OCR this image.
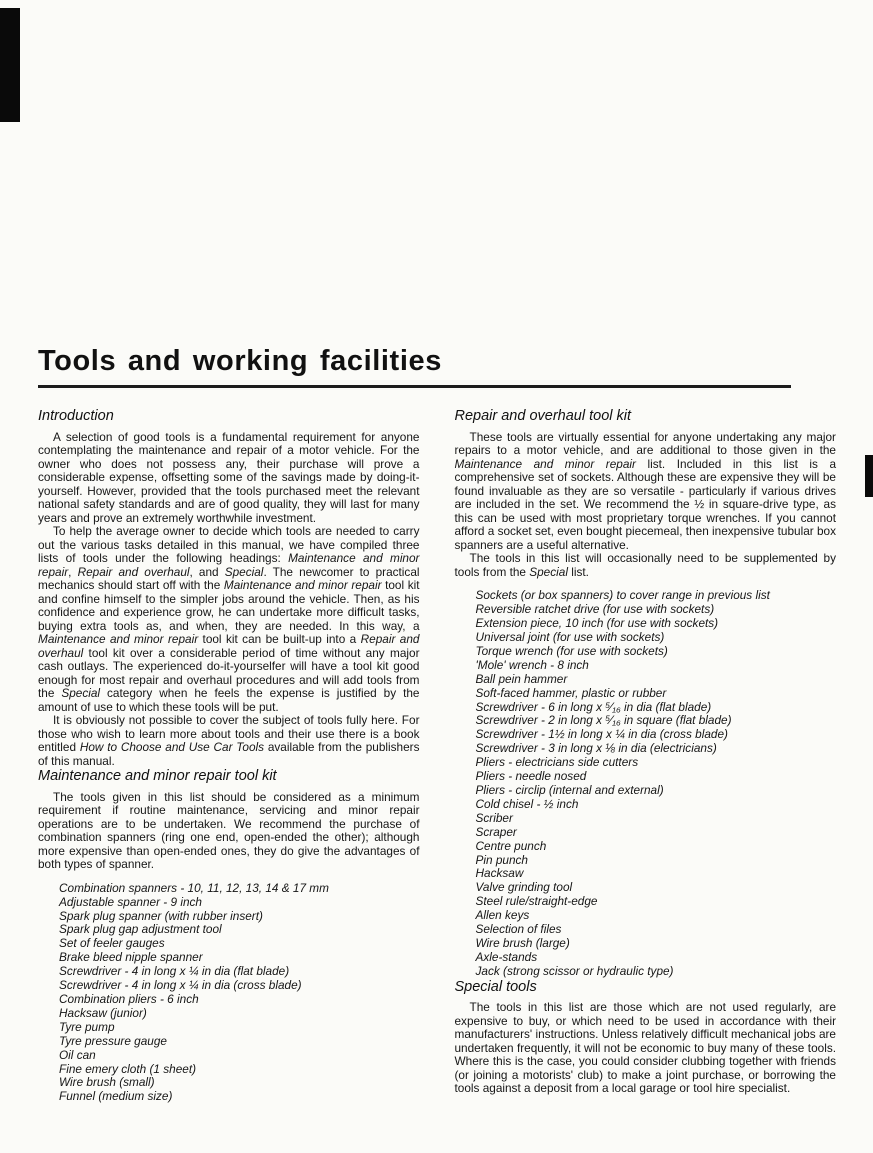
Tools and working facilities
Introduction

A selection of good tools is a fundamental requirement for anyone contemplating the maintenance and repair of a motor vehicle. For the owner who does not possess any, their purchase will prove a considerable expense, offsetting some of the savings made by doing-it-yourself. However, provided that the tools purchased meet the relevant national safety standards and are of good quality, they will last for many years and prove an extremely worthwhile investment.

To help the average owner to decide which tools are needed to carry out the various tasks detailed in this manual, we have compiled three lists of tools under the following headings: Maintenance and minor repair, Repair and overhaul, and Special. The newcomer to practical mechanics should start off with the Maintenance and minor repair tool kit and confine himself to the simpler jobs around the vehicle. Then, as his confidence and experience grow, he can undertake more difficult tasks, buying extra tools as, and when, they are needed. In this way, a Maintenance and minor repair tool kit can be built-up into a Repair and overhaul tool kit over a considerable period of time without any major cash outlays. The experienced do-it-yourselfer will have a tool kit good enough for most repair and overhaul procedures and will add tools from the Special category when he feels the expense is justified by the amount of use to which these tools will be put.

It is obviously not possible to cover the subject of tools fully here. For those who wish to learn more about tools and their use there is a book entitled How to Choose and Use Car Tools available from the publishers of this manual.

Maintenance and minor repair tool kit

The tools given in this list should be considered as a minimum requirement if routine maintenance, servicing and minor repair operations are to be undertaken. We recommend the purchase of combination spanners (ring one end, open-ended the other); although more expensive than open-ended ones, they do give the advantages of both types of spanner.

Combination spanners - 10, 11, 12, 13, 14 & 17 mm
Adjustable spanner - 9 inch
Spark plug spanner (with rubber insert)
Spark plug gap adjustment tool
Set of feeler gauges
Brake bleed nipple spanner
Screwdriver - 4 in long x ¼ in dia (flat blade)
Screwdriver - 4 in long x ¼ in dia (cross blade)
Combination pliers - 6 inch
Hacksaw (junior)
Tyre pump
Tyre pressure gauge
Oil can
Fine emery cloth (1 sheet)
Wire brush (small)
Funnel (medium size)
Repair and overhaul tool kit

These tools are virtually essential for anyone undertaking any major repairs to a motor vehicle, and are additional to those given in the Maintenance and minor repair list. Included in this list is a comprehensive set of sockets. Although these are expensive they will be found invaluable as they are so versatile - particularly if various drives are included in the set. We recommend the ½ in square-drive type, as this can be used with most proprietary torque wrenches. If you cannot afford a socket set, even bought piecemeal, then inexpensive tubular box spanners are a useful alternative.

The tools in this list will occasionally need to be supplemented by tools from the Special list.

Sockets (or box spanners) to cover range in previous list
Reversible ratchet drive (for use with sockets)
Extension piece, 10 inch (for use with sockets)
Universal joint (for use with sockets)
Torque wrench (for use with sockets)
'Mole' wrench - 8 inch
Ball pein hammer
Soft-faced hammer, plastic or rubber
Screwdriver - 6 in long x ⁵⁄₁₆ in dia (flat blade)
Screwdriver - 2 in long x ⁵⁄₁₆ in square (flat blade)
Screwdriver - 1½ in long x ¼ in dia (cross blade)
Screwdriver - 3 in long x ⅛ in dia (electricians)
Pliers - electricians side cutters
Pliers - needle nosed
Pliers - circlip (internal and external)
Cold chisel - ½ inch
Scriber
Scraper
Centre punch
Pin punch
Hacksaw
Valve grinding tool
Steel rule/straight-edge
Allen keys
Selection of files
Wire brush (large)
Axle-stands
Jack (strong scissor or hydraulic type)
Special tools

The tools in this list are those which are not used regularly, are expensive to buy, or which need to be used in accordance with their manufacturers' instructions. Unless relatively difficult mechanical jobs are undertaken frequently, it will not be economic to buy many of these tools. Where this is the case, you could consider clubbing together with friends (or joining a motorists' club) to make a joint purchase, or borrowing the tools against a deposit from a local garage or tool hire specialist.
